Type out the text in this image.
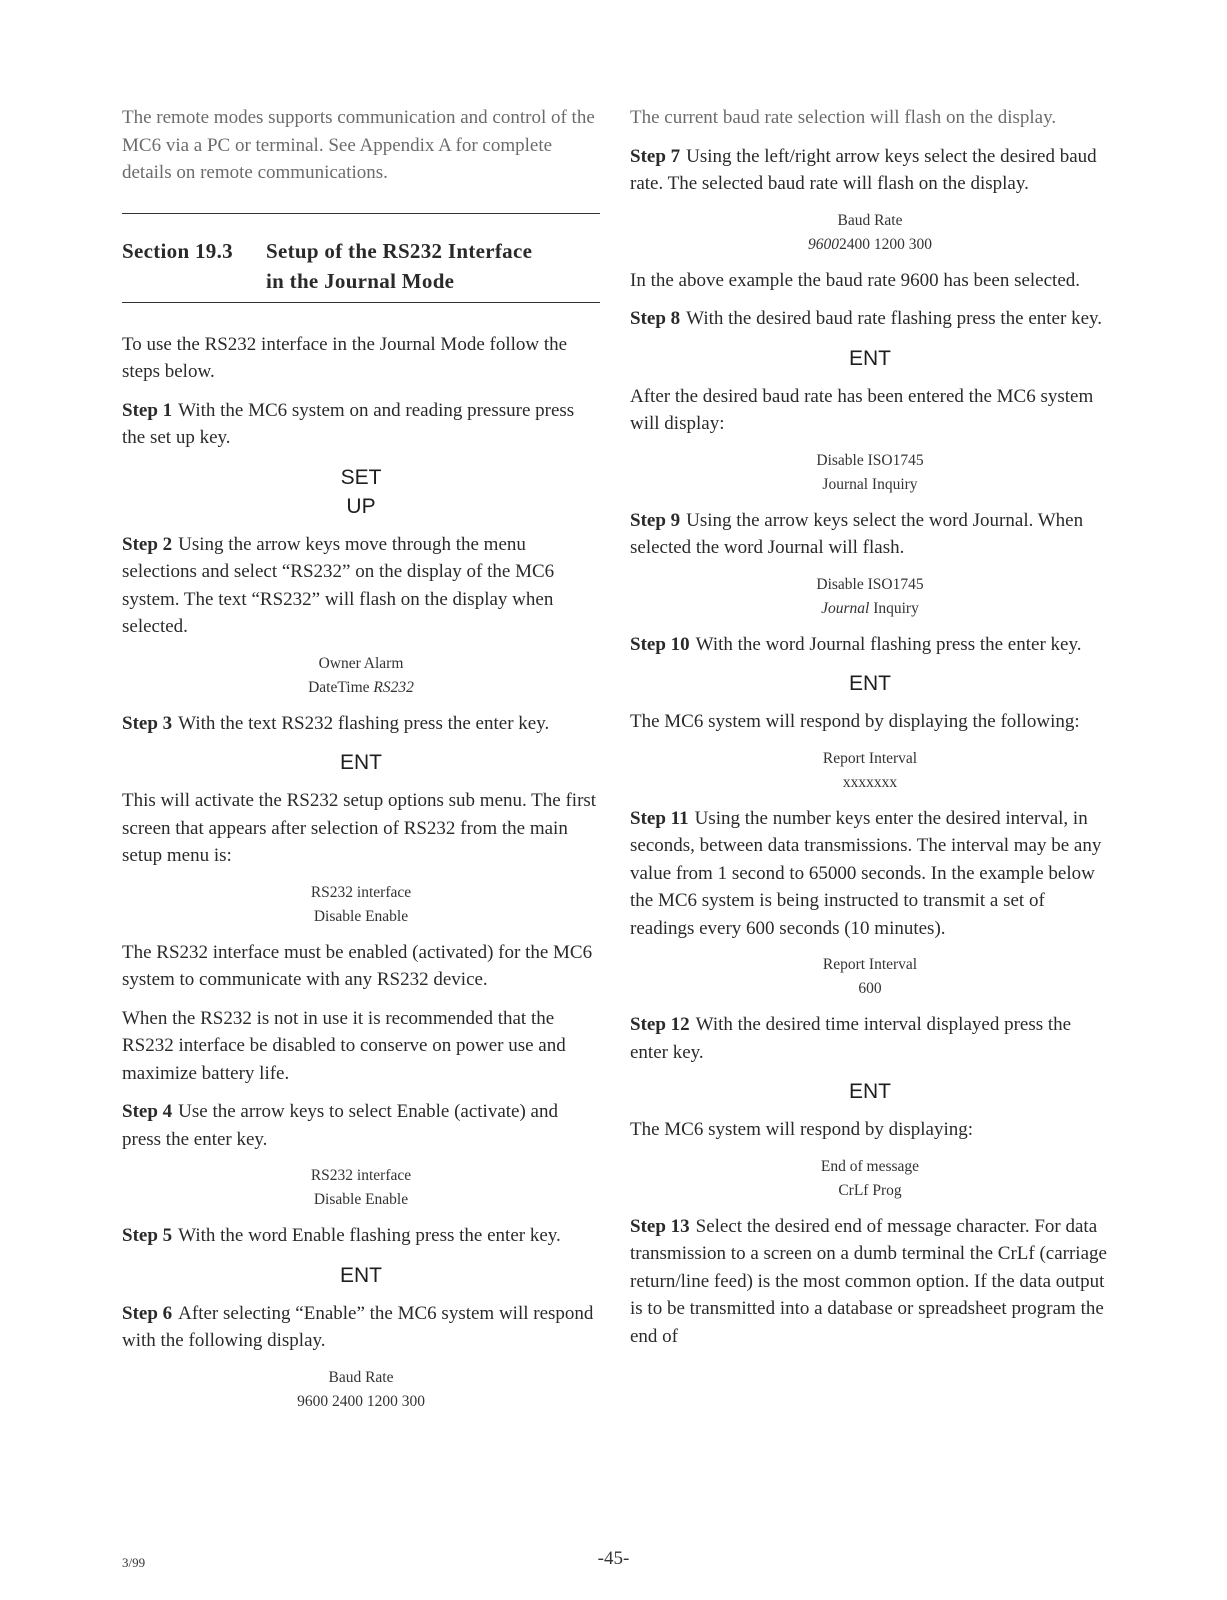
The remote modes supports communication and control of the MC6 via a PC or terminal. See Appendix A for complete details on remote communications.

Section 19.3	Setup of the RS232 Interface
in the Journal Mode

To use the RS232 interface in the Journal Mode follow the steps below.

Step 1 With the MC6 system on and reading pressure press the set up key.

SET
UP

Step 2 Using the arrow keys move through the menu selections and select “RS232” on the display of the MC6 system. The text “RS232” will flash on the display when selected.

Owner Alarm
DateTime RS232

Step 3 With the text RS232 flashing press the enter key.

ENT

This will activate the RS232 setup options sub menu. The first screen that appears after selection of RS232 from the main setup menu is:

RS232 interface
Disable Enable

The RS232 interface must be enabled (activated) for the MC6 system to communicate with any RS232 device.

When the RS232 is not in use it is recommended that the RS232 interface be disabled to conserve on power use and maximize battery life.

Step 4 Use the arrow keys to select Enable (activate) and press the enter key.

RS232 interface
Disable Enable

Step 5 With the word Enable flashing press the enter key.

ENT

Step 6 After selecting “Enable” the MC6 system will respond with the following display.

Baud Rate
9600 2400 1200 300

The current baud rate selection will flash on the display.

Step 7 Using the left/right arrow keys select the desired baud rate. The selected baud rate will flash on the display.

Baud Rate
96002400 1200 300

In the above example the baud rate 9600 has been selected.

Step 8 With the desired baud rate flashing press the enter key.

ENT

After the desired baud rate has been entered the MC6 system will display:

Disable ISO1745
Journal Inquiry

Step 9 Using the arrow keys select the word Journal. When selected the word Journal will flash.

Disable ISO1745
Journal Inquiry

Step 10 With the word Journal flashing press the enter key.

ENT

The MC6 system will respond by displaying the following:

Report Interval
xxxxxxx

Step 11 Using the number keys enter the desired interval, in seconds, between data transmissions. The interval may be any value from 1 second to 65000 seconds. In the example below the MC6 system is being instructed to transmit a set of readings every 600 seconds (10 minutes).

Report Interval
600

Step 12 With the desired time interval displayed press the enter key.

ENT

The MC6 system will respond by displaying:

End of message
CrLf Prog

Step 13 Select the desired end of message character. For data transmission to a screen on a dumb terminal the CrLf (carriage return/line feed) is the most common option. If the data output is to be transmitted into a database or spreadsheet program the end of

3/99	-45-
